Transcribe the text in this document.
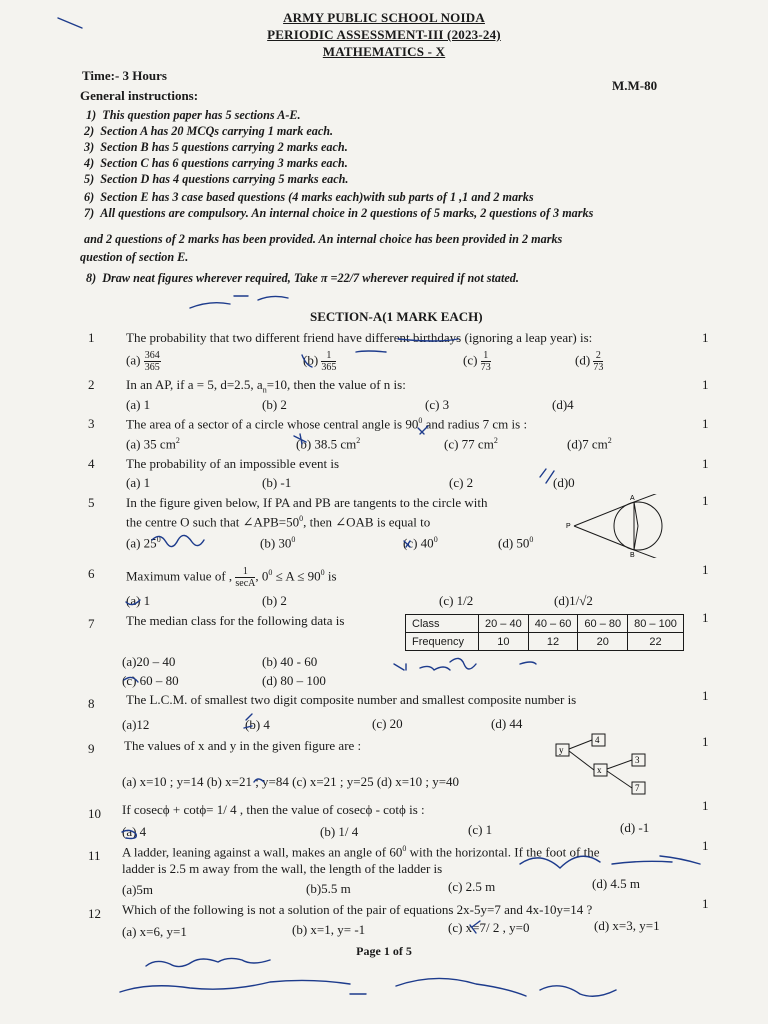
ARMY PUBLIC SCHOOL NOIDA
PERIODIC ASSESSMENT-III (2023-24)
MATHEMATICS - X
Time:- 3 Hours
M.M-80
General instructions:
1) This question paper has 5 sections A-E.
2) Section A has 20 MCQs carrying 1 mark each.
3) Section B has 5 questions carrying 2 marks each.
4) Section C has 6 questions carrying 3 marks each.
5) Section D has 4 questions carrying 5 marks each.
6) Section E has 3 case based questions (4 marks each)with sub parts of 1 ,1 and 2 marks
7) All questions are compulsory. An internal choice in 2 questions of 5 marks, 2 questions of 3 marks
and 2 questions of 2 marks has been provided. An internal choice has been provided in 2 marks
question of section E.
8) Draw neat figures wherever required, Take π =22/7 wherever required if not stated.
SECTION-A(1 MARK EACH)
1 The probability that two different friend have different birthdays (ignoring a leap year) is:	1
$(a) \frac{364}{365}$	$(b) \frac{1}{365}$	$(c) \frac{1}{73}$	$(d) \frac{2}{73}$
2 In an AP, if a = 5, d=2.5, $a_n=10$, then the value of n is:	1
(a) 1	(b) 2	(c) 3	(d)4
3 The area of a sector of a circle whose central angle is $90^0$ and radius 7 cm is :	1
(a) 35 $cm^2$	(b) 38.5 $cm^2$	(c) 77 $cm^2$	(d)7 $cm^2$
4 The probability of an impossible event is	1
(a) 1	(b) -1	(c) 2	(d)0
5 In the figure given below, If PA and PB are tangents to the circle with
the centre O such that $\angle APB=50^0$, then ∠OAB is equal to
1
(a) $25^0$	(b) $30^0$	(c) $40^0$	(d) $50^0$
P
A
B
6 Maximum value of , $\frac{1}{\sec A}$ , $0^0 \le A \le 90^0$ is	1
(a) 1	(b) 2	(c) 1/2	(d)1/√2
7 The median class for the following data is	1
Class	20 – 40	40 – 60	60 – 80	80 – 100
Frequency	10	12	20	22
(a)20 – 40	(b) 40 - 60
(c) 60 – 80	(d) 80 – 100
8 The L.C.M. of smallest two digit composite number and smallest composite number is	1
(a)12	(b) 4	(c) 20	(d) 44
9 The values of x and y in the given figure are :	1
(a) x=10 ; y=14 (b) x=21 ; y=84 (c) x=21 ; y=25 (d) x=10 ; y=40
y
4
x
3
7
10 If cosecϕ + cotϕ= 1/ 4 , then the value of cosecϕ - cotϕ is :	1
(a) 4	(b) 1/ 4	(c) 1	(d) -1
11 A ladder, leaning against a wall, makes an angle of $60^0$ with the horizontal. If the foot of the	1
ladder is 2.5 m away from the wall, the length of the ladder is
(a)5m	(b)5.5 m	(c) 2.5 m	(d) 4.5 m
12 Which of the following is not a solution of the pair of equations 2x-5y=7 and 4x-10y=14 ?	1
(a) x=6, y=1	(b) x=1, y= -1	(c) x=7/ 2 , y=0	(d) x=3, y=1
Page 1 of 5
